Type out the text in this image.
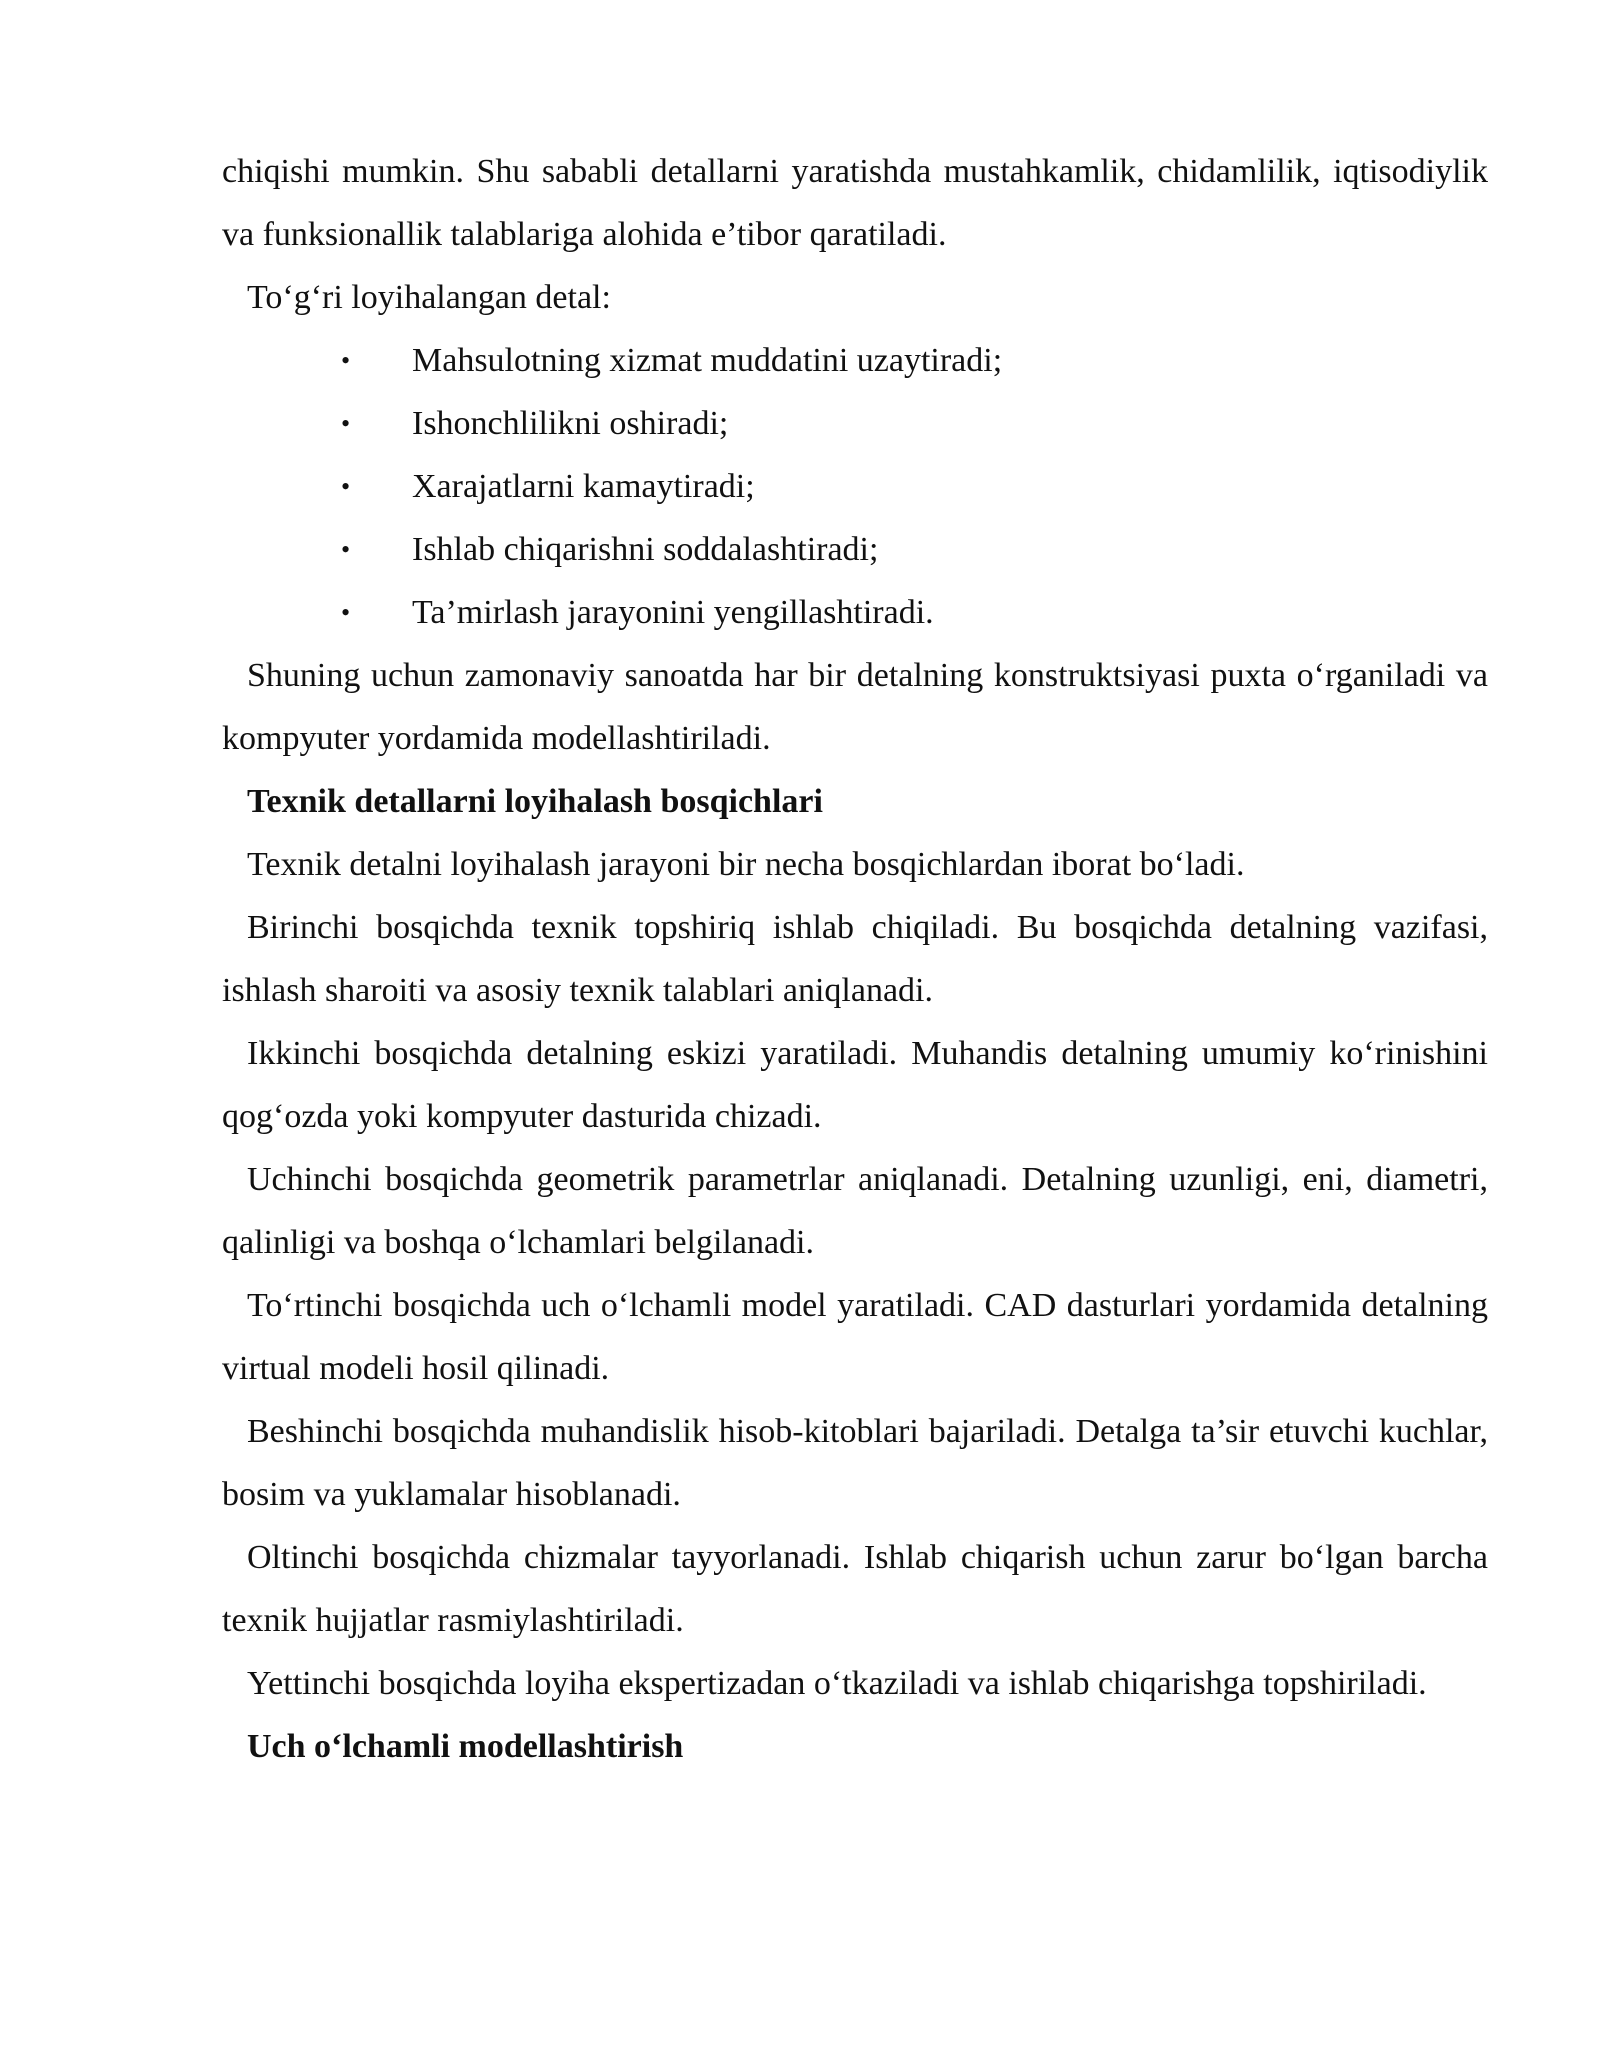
chiqishi mumkin. Shu sababli detallarni yaratishda mustahkamlik, chidamlilik, iqtisodiylik va funksionallik talablariga alohida e’tibor qaratiladi.

To‘g‘ri loyihalangan detal:

• Mahsulotning xizmat muddatini uzaytiradi;
• Ishonchlilikni oshiradi;
• Xarajatlarni kamaytiradi;
• Ishlab chiqarishni soddalashtiradi;
• Ta’mirlash jarayonini yengillashtiradi.

Shuning uchun zamonaviy sanoatda har bir detalning konstruktsiyasi puxta o‘rganiladi va kompyuter yordamida modellashtiriladi.

Texnik detallarni loyihalash bosqichlari

Texnik detalni loyihalash jarayoni bir necha bosqichlardan iborat bo‘ladi.

Birinchi bosqichda texnik topshiriq ishlab chiqiladi. Bu bosqichda detalning vazifasi, ishlash sharoiti va asosiy texnik talablari aniqlanadi.

Ikkinchi bosqichda detalning eskizi yaratiladi. Muhandis detalning umumiy ko‘rinishini qog‘ozda yoki kompyuter dasturida chizadi.

Uchinchi bosqichda geometrik parametrlar aniqlanadi. Detalning uzunligi, eni, diametri, qalinligi va boshqa o‘lchamlari belgilanadi.

To‘rtinchi bosqichda uch o‘lchamli model yaratiladi. CAD dasturlari yordamida detalning virtual modeli hosil qilinadi.

Beshinchi bosqichda muhandislik hisob-kitoblari bajariladi. Detalga ta’sir etuvchi kuchlar, bosim va yuklamalar hisoblanadi.

Oltinchi bosqichda chizmalar tayyorlanadi. Ishlab chiqarish uchun zarur bo‘lgan barcha texnik hujjatlar rasmiylashtiriladi.

Yettinchi bosqichda loyiha ekspertizadan o‘tkaziladi va ishlab chiqarishga topshiriladi.

Uch o‘lchamli modellashtirish
